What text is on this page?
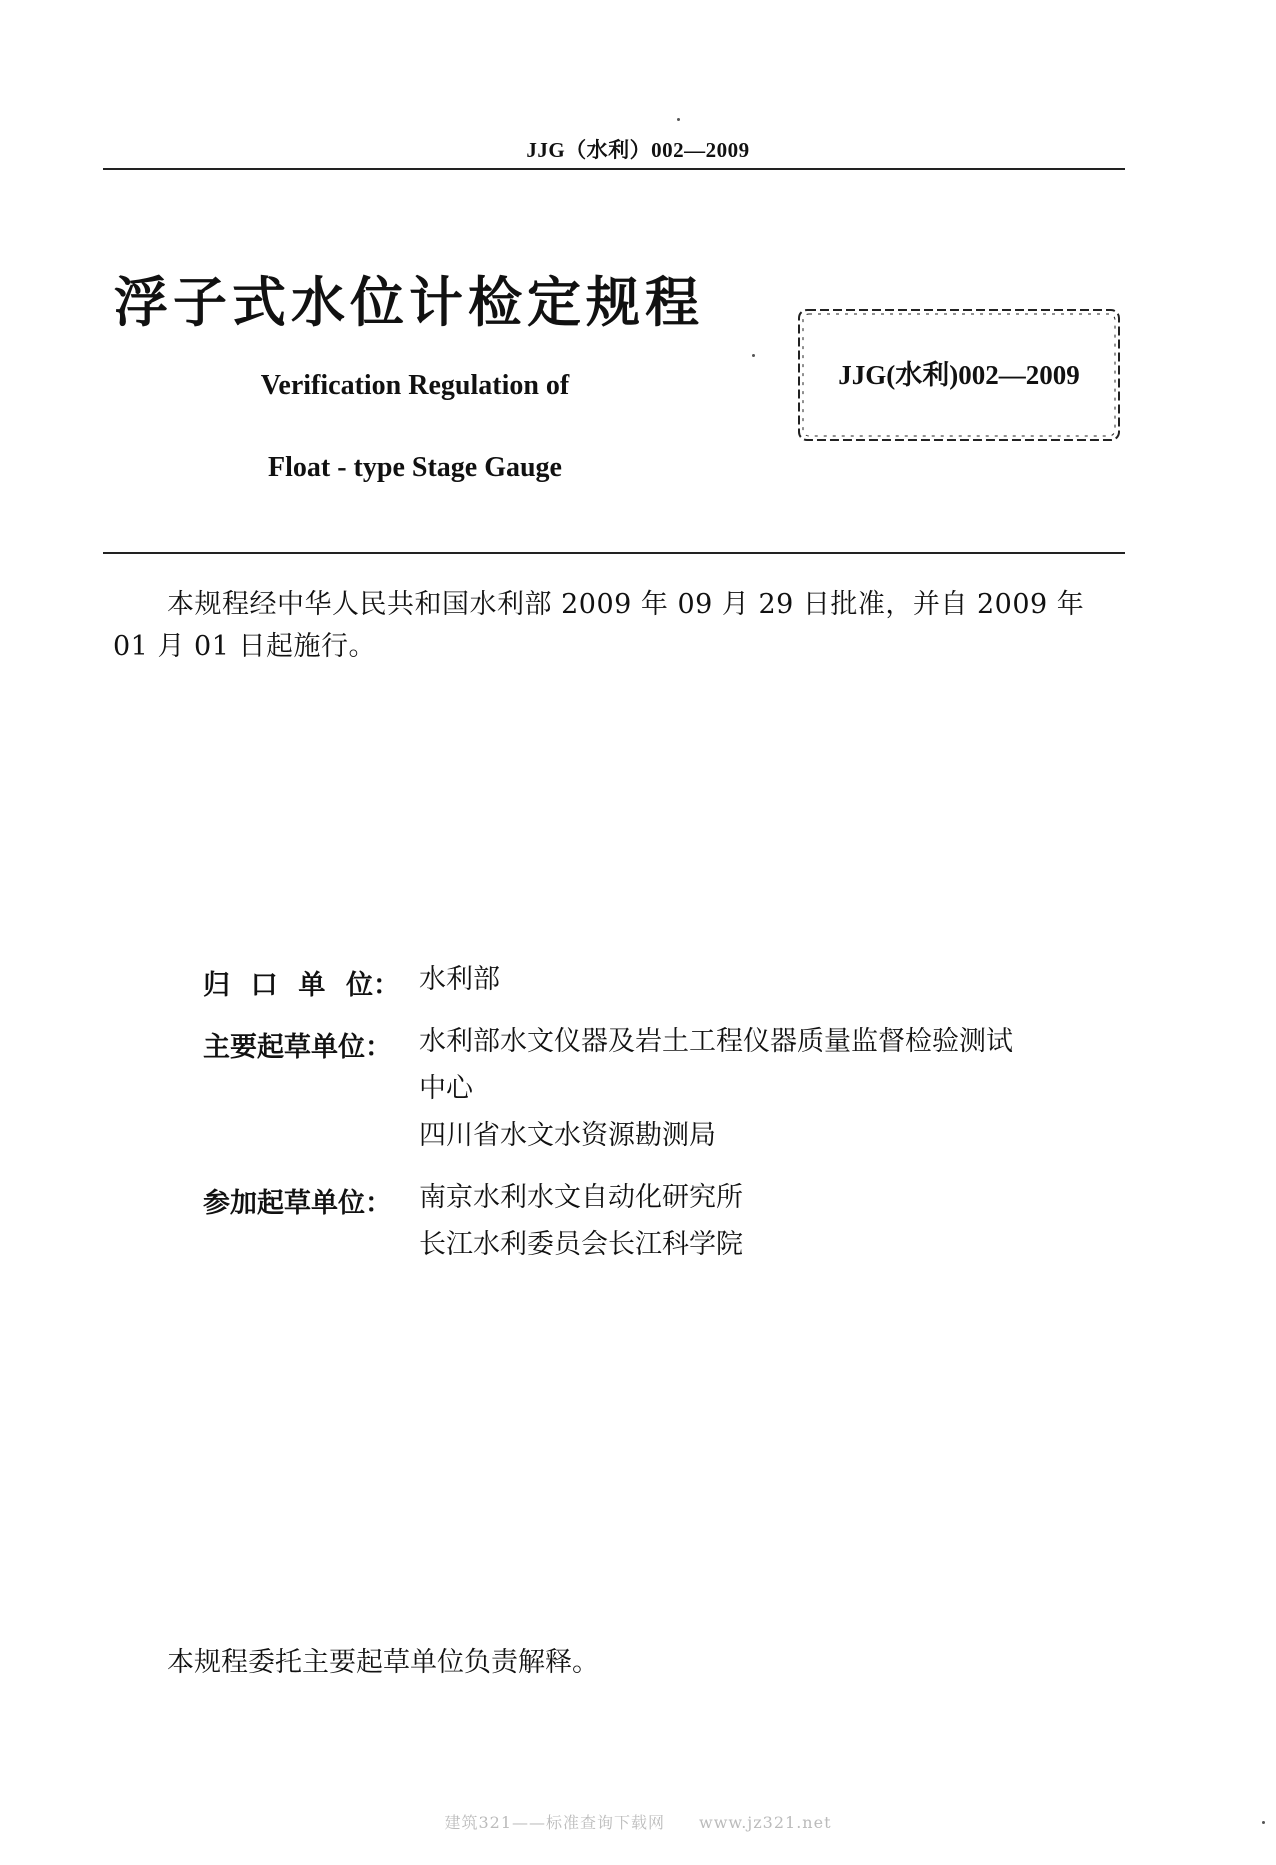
JJG（水利）002—2009
浮子式水位计检定规程
Verification Regulation of
Float - type Stage Gauge
JJG(水利)002—2009
本规程经中华人民共和国水利部 2009 年 09 月 29 日批准，并自 2009 年 01 月 01 日起施行。
归 口 单 位 ： 水利部
主要起草单位：	水利部水文仪器及岩土工程仪器质量监督检验测试
中心
四川省水文水资源勘测局
参加起草单位：	南京水利水文自动化研究所
长江水利委员会长江科学院
本规程委托主要起草单位负责解释。
建筑321——标准查询下载网　　www.jz321.net
